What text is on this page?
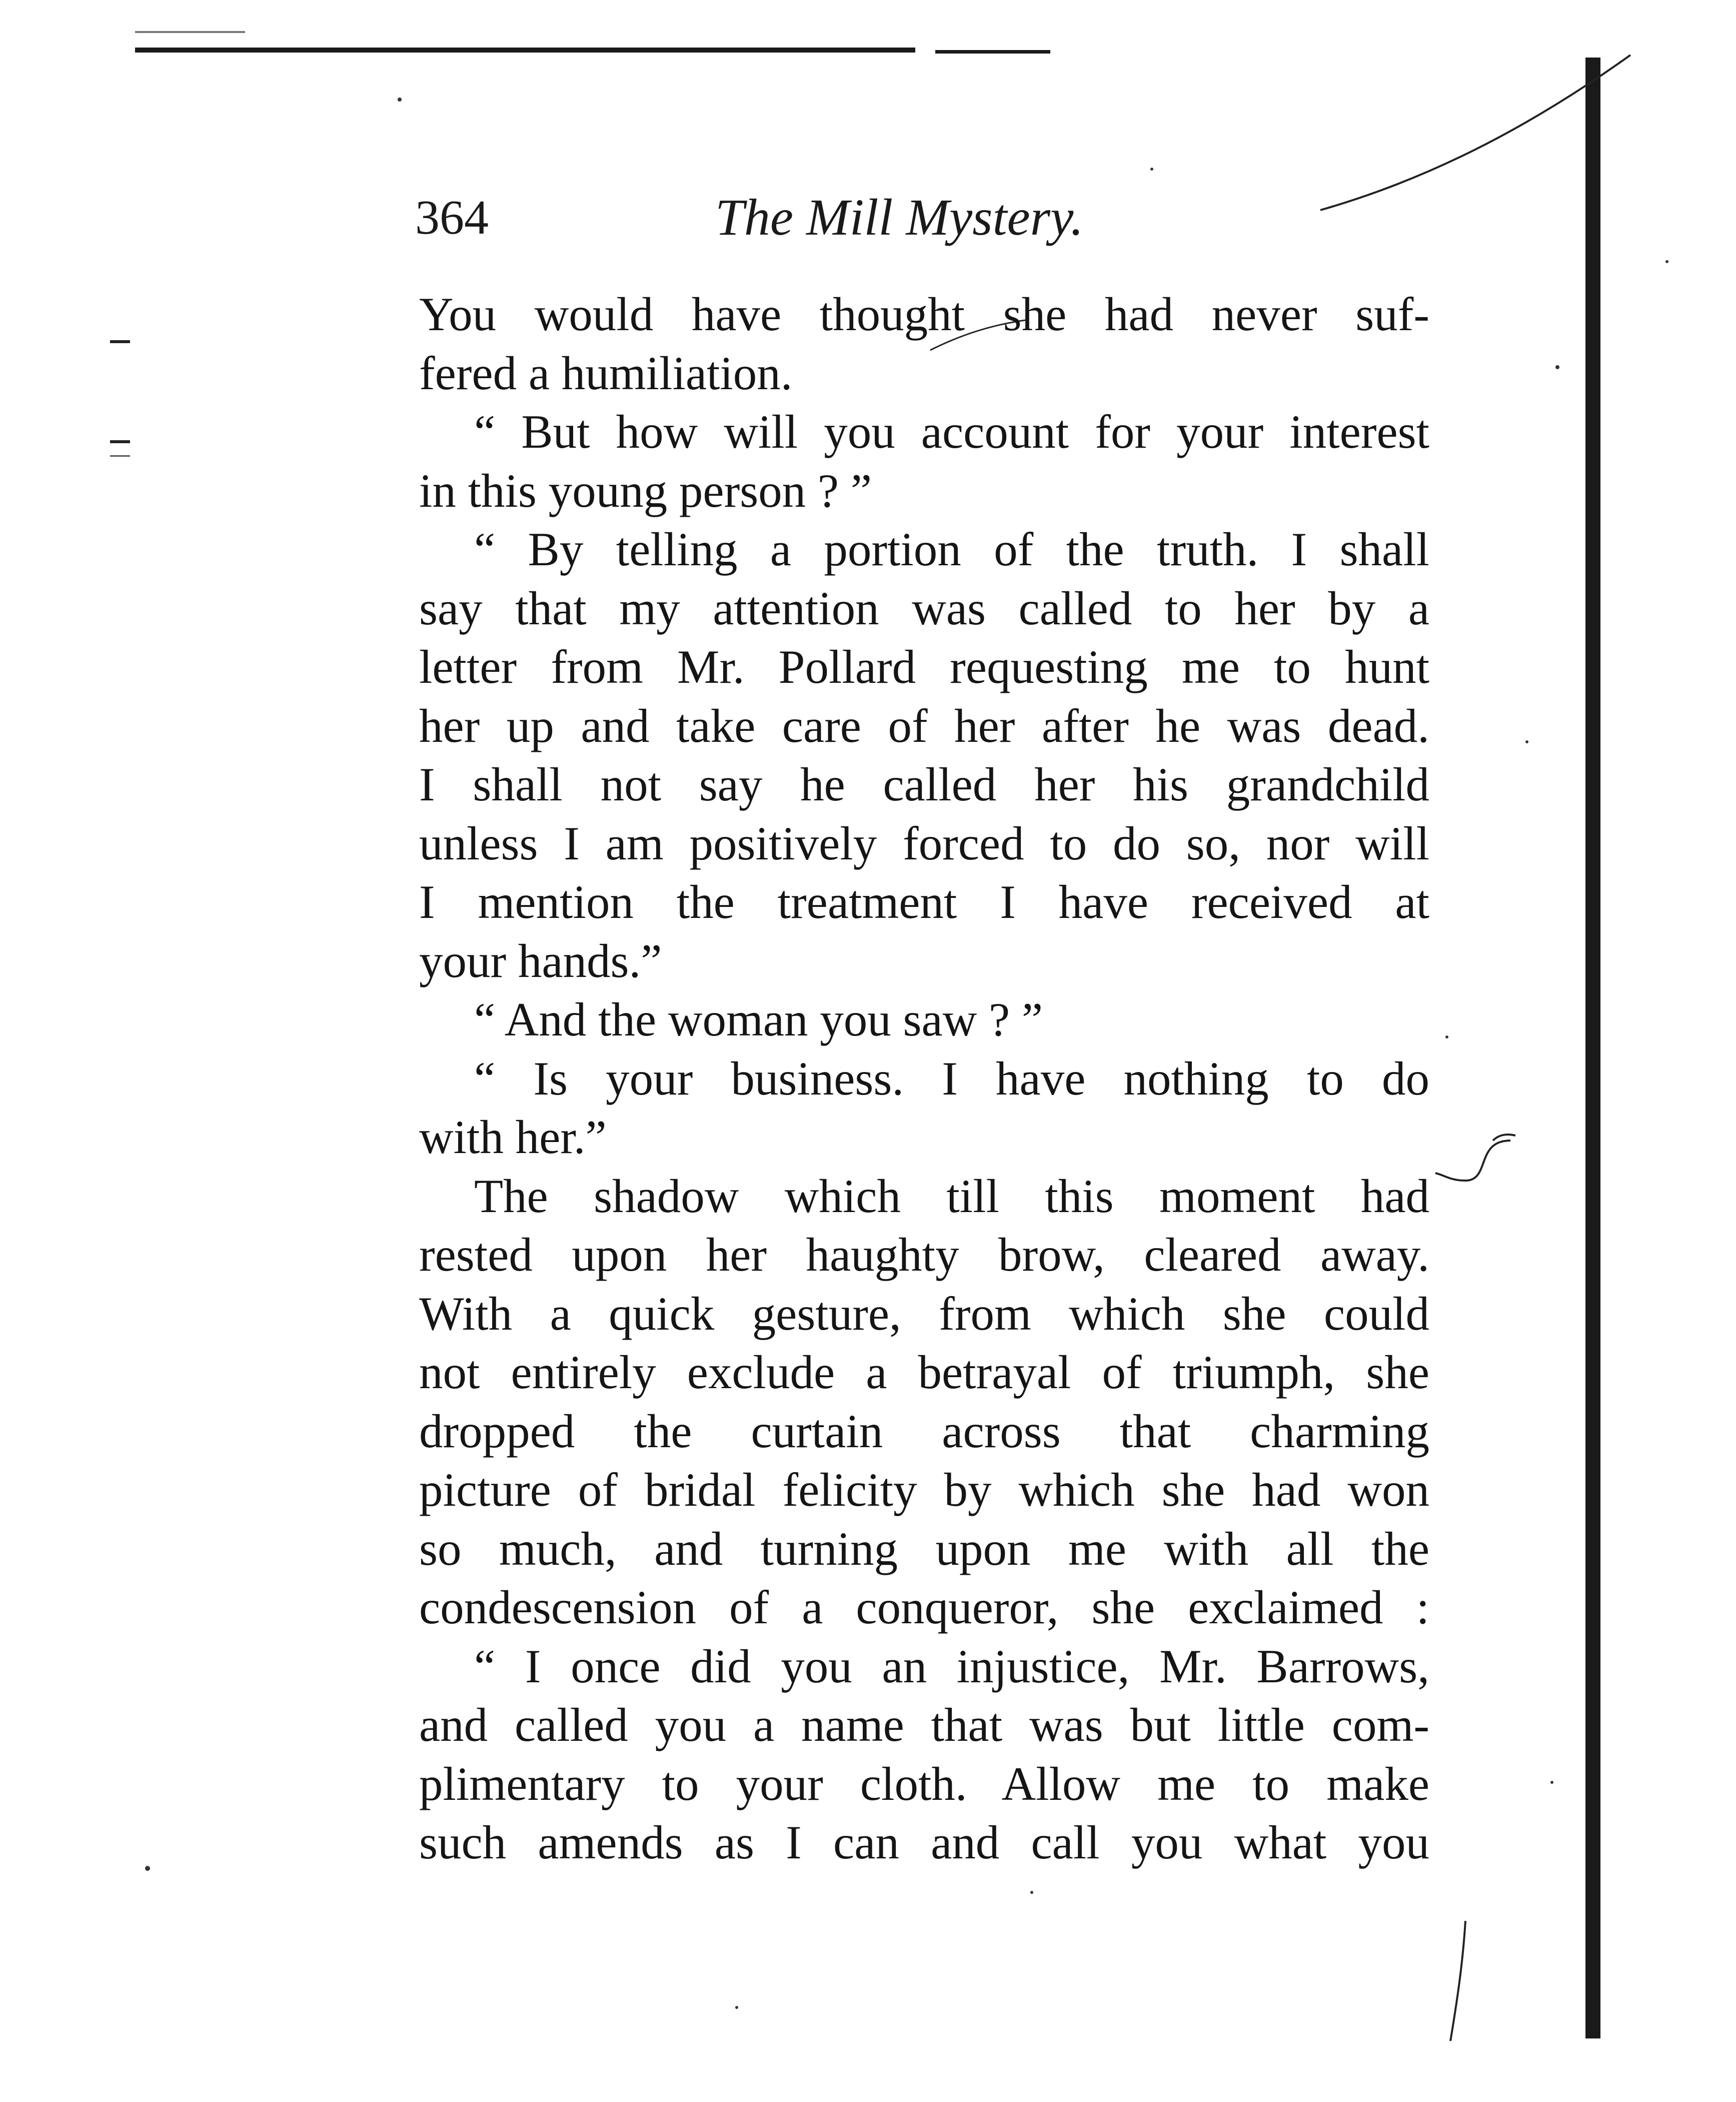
364	The Mill Mystery.
You would have thought she had never suf-
fered a humiliation.
“ But how will you account for your interest
in this young person ? ”
“ By telling a portion of the truth. I shall
say that my attention was called to her by a
letter from Mr. Pollard requesting me to hunt
her up and take care of her after he was dead.
I shall not say he called her his grandchild
unless I am positively forced to do so, nor will
I mention the treatment I have received at
your hands.”
“ And the woman you saw ? ”
“ Is your business. I have nothing to do
with her.”
The shadow which till this moment had
rested upon her haughty brow, cleared away.
With a quick gesture, from which she could
not entirely exclude a betrayal of triumph, she
dropped the curtain across that charming
picture of bridal felicity by which she had won
so much, and turning upon me with all the
condescension of a conqueror, she exclaimed :
“ I once did you an injustice, Mr. Barrows,
and called you a name that was but little com-
plimentary to your cloth. Allow me to make
such amends as I can and call you what you
